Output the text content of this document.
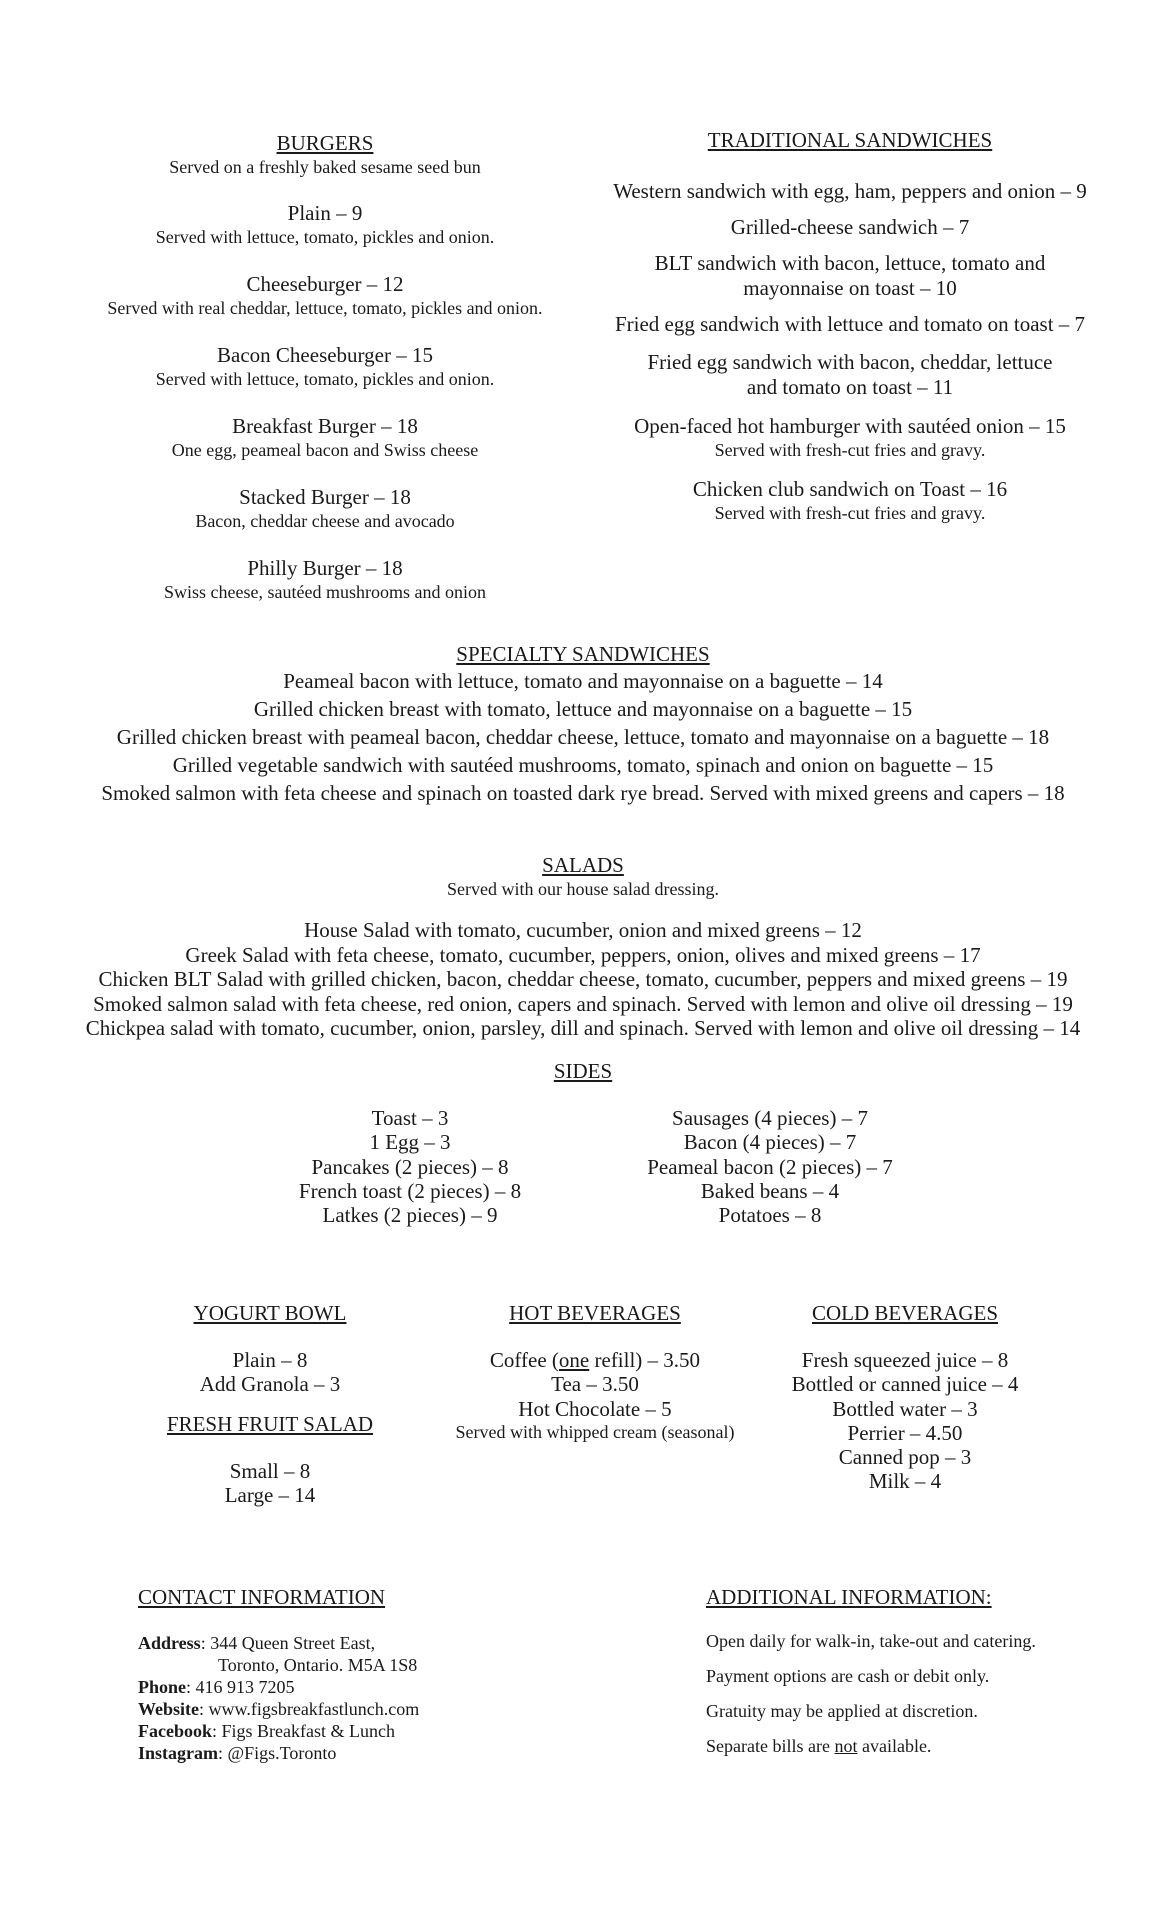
BURGERS
Served on a freshly baked sesame seed bun
Plain – 9
Served with lettuce, tomato, pickles and onion.
Cheeseburger – 12
Served with real cheddar, lettuce, tomato, pickles and onion.
Bacon Cheeseburger – 15
Served with lettuce, tomato, pickles and onion.
Breakfast Burger – 18
One egg, peameal bacon and Swiss cheese
Stacked Burger – 18
Bacon, cheddar cheese and avocado
Philly Burger – 18
Swiss cheese, sautéed mushrooms and onion
TRADITIONAL SANDWICHES
Western sandwich with egg, ham, peppers and onion – 9
Grilled-cheese sandwich – 7
BLT sandwich with bacon, lettuce, tomato and mayonnaise on toast – 10
Fried egg sandwich with lettuce and tomato on toast – 7
Fried egg sandwich with bacon, cheddar, lettuce and tomato on toast – 11
Open-faced hot hamburger with sautéed onion – 15
Served with fresh-cut fries and gravy.
Chicken club sandwich on Toast – 16
Served with fresh-cut fries and gravy.
SPECIALTY SANDWICHES
Peameal bacon with lettuce, tomato and mayonnaise on a baguette – 14
Grilled chicken breast with tomato, lettuce and mayonnaise on a baguette – 15
Grilled chicken breast with peameal bacon, cheddar cheese, lettuce, tomato and mayonnaise on a baguette – 18
Grilled vegetable sandwich with sautéed mushrooms, tomato, spinach and onion on baguette – 15
Smoked salmon with feta cheese and spinach on toasted dark rye bread. Served with mixed greens and capers – 18
SALADS
Served with our house salad dressing.
House Salad with tomato, cucumber, onion and mixed greens – 12
Greek Salad with feta cheese, tomato, cucumber, peppers, onion, olives and mixed greens – 17
Chicken BLT Salad with grilled chicken, bacon, cheddar cheese, tomato, cucumber, peppers and mixed greens – 19
Smoked salmon salad with feta cheese, red onion, capers and spinach. Served with lemon and olive oil dressing – 19
Chickpea salad with tomato, cucumber, onion, parsley, dill and spinach. Served with lemon and olive oil dressing – 14
SIDES
Toast – 3
1 Egg – 3
Pancakes (2 pieces) – 8
French toast (2 pieces) – 8
Latkes (2 pieces) – 9
Sausages (4 pieces) – 7
Bacon (4 pieces) – 7
Peameal bacon (2 pieces) – 7
Baked beans – 4
Potatoes – 8
YOGURT BOWL
Plain – 8
Add Granola – 3
FRESH FRUIT SALAD
Small – 8
Large – 14
HOT BEVERAGES
Coffee (one refill) – 3.50
Tea – 3.50
Hot Chocolate – 5
Served with whipped cream (seasonal)
COLD BEVERAGES
Fresh squeezed juice – 8
Bottled or canned juice – 4
Bottled water – 3
Perrier – 4.50
Canned pop – 3
Milk – 4
CONTACT INFORMATION
Address: 344 Queen Street East,
Toronto, Ontario. M5A 1S8
Phone: 416 913 7205
Website: www.figsbreakfastlunch.com
Facebook: Figs Breakfast & Lunch
Instagram: @Figs.Toronto
ADDITIONAL INFORMATION:
Open daily for walk-in, take-out and catering.
Payment options are cash or debit only.
Gratuity may be applied at discretion.
Separate bills are not available.
